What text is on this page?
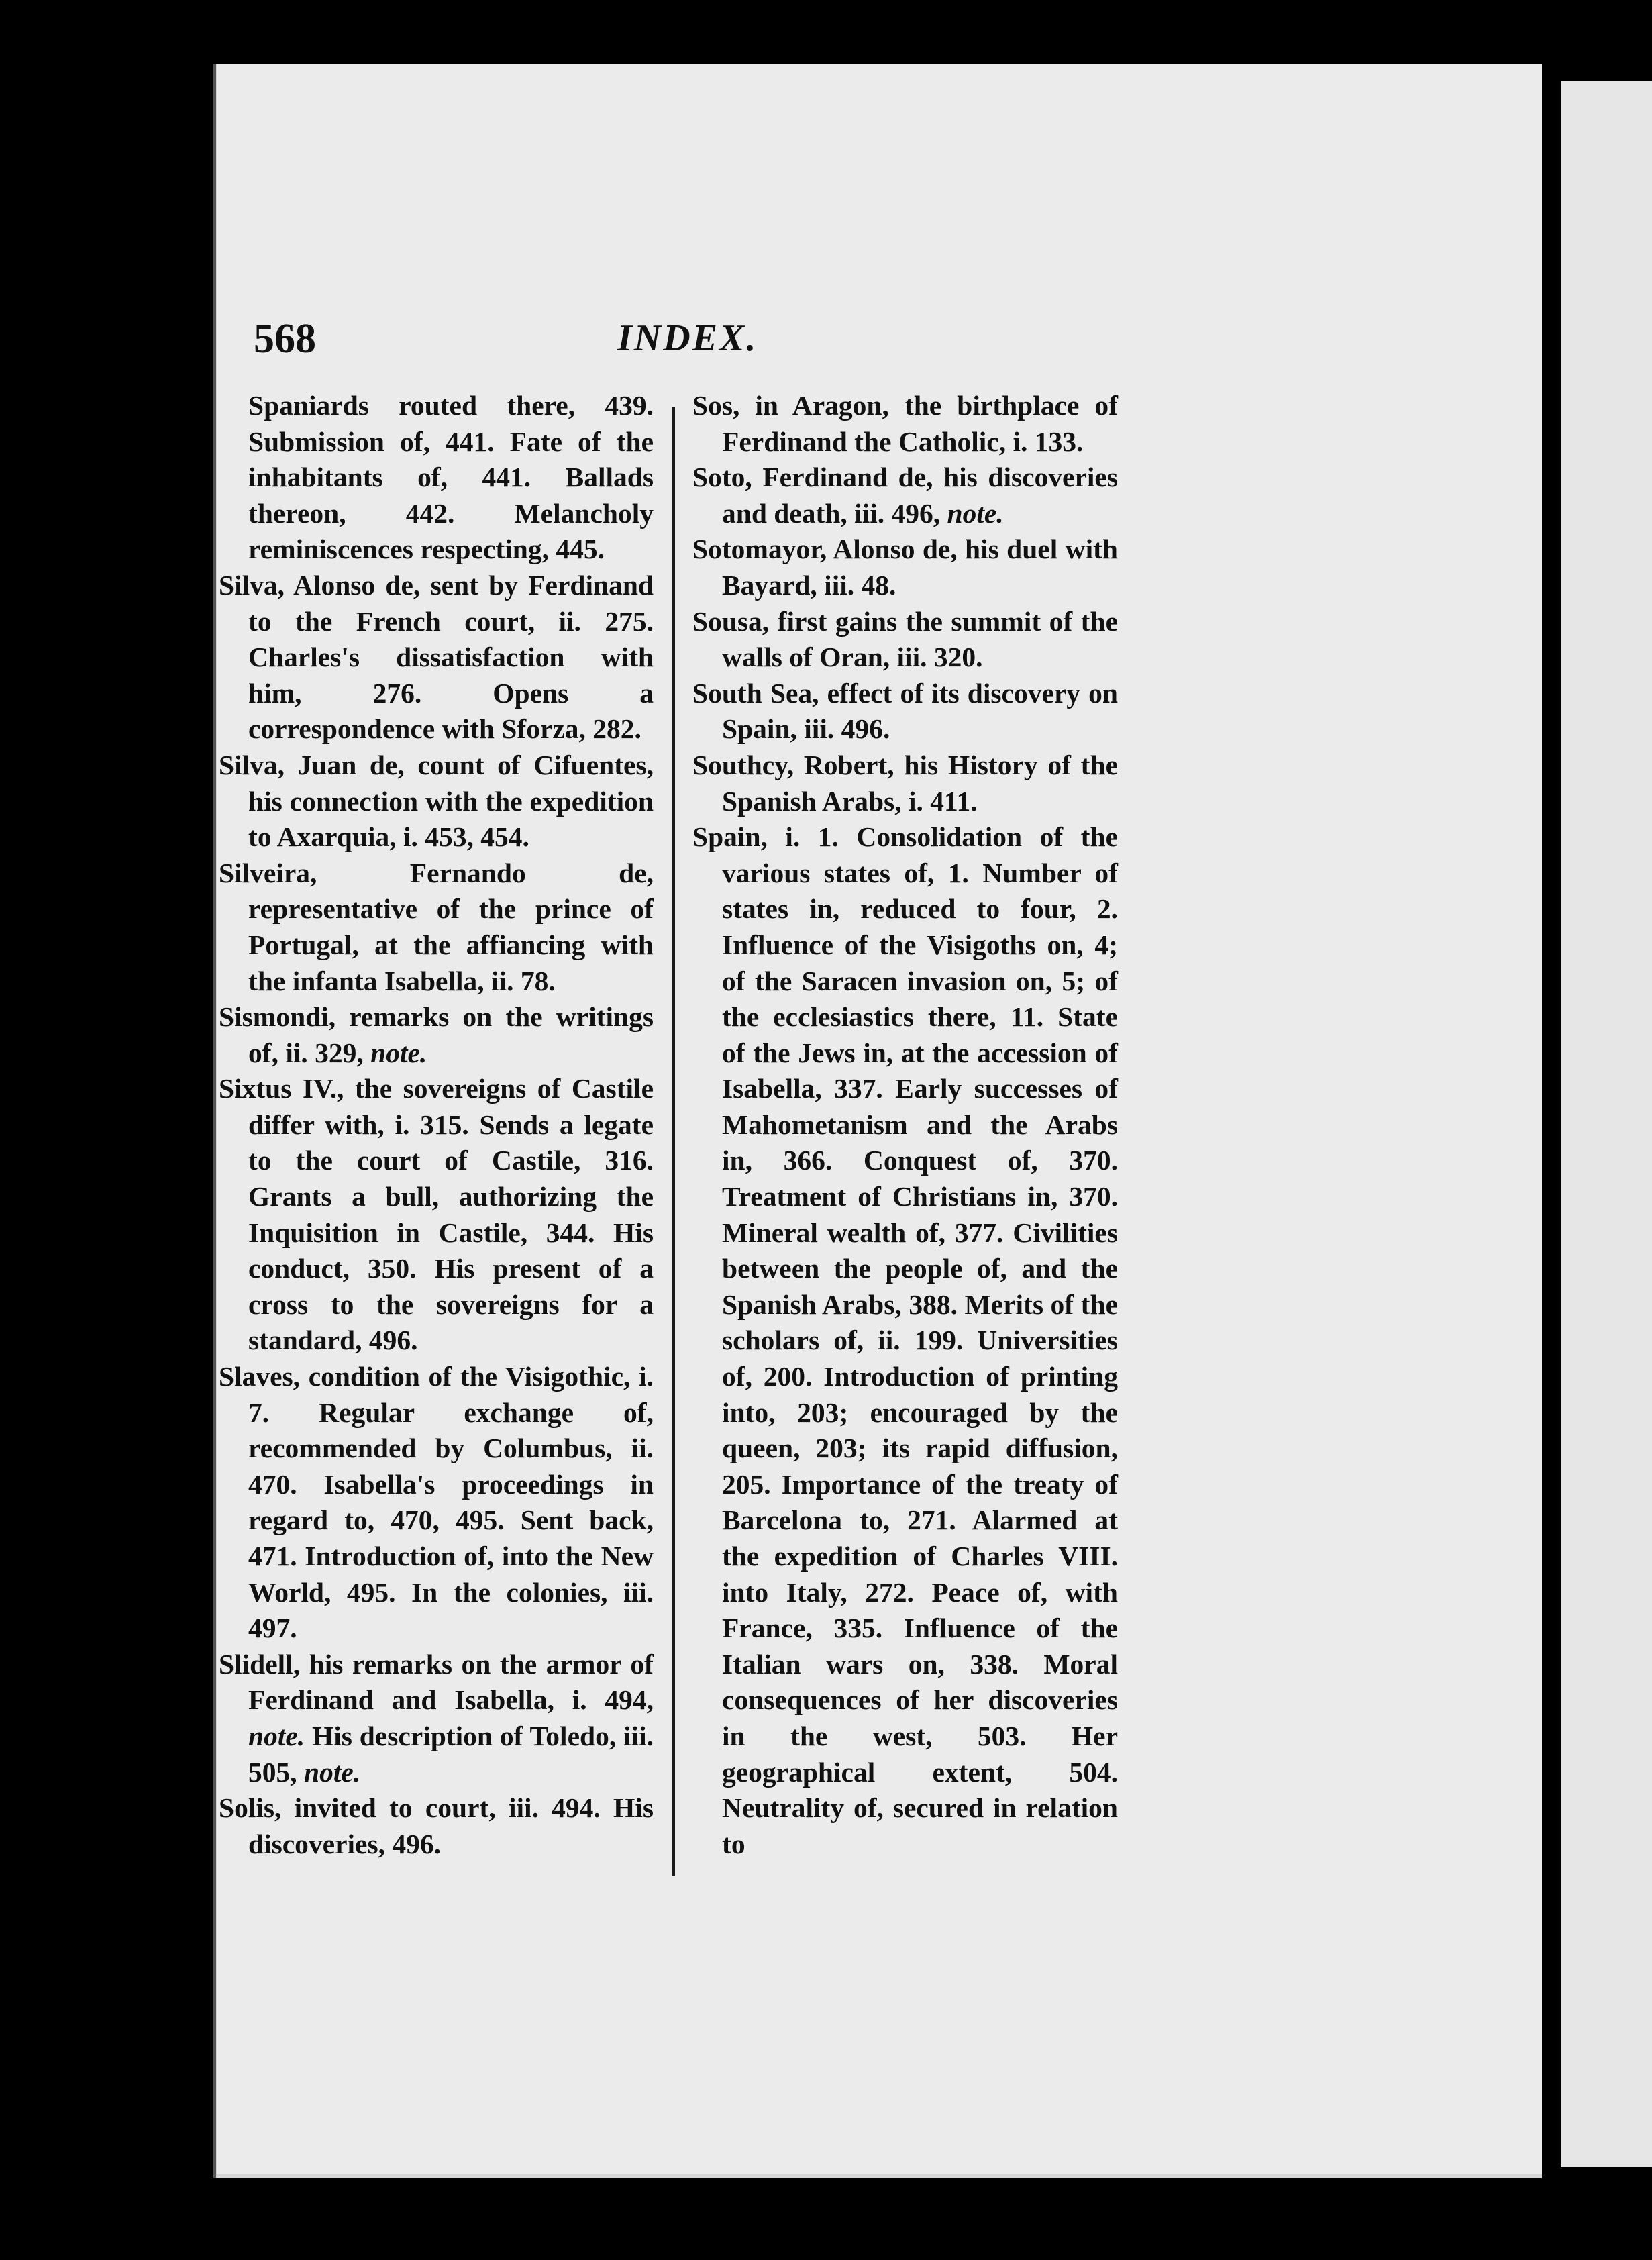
568	INDEX.

Spaniards routed there, 439. Submission of, 441. Fate of the inhabitants of, 441. Ballads thereon, 442. Melancholy reminiscences respecting, 445.

Silva, Alonso de, sent by Ferdinand to the French court, ii. 275. Charles's dissatisfaction with him, 276. Opens a correspondence with Sforza, 282.

Silva, Juan de, count of Cifuentes, his connection with the expedition to Axarquia, i. 453, 454.

Silveira, Fernando de, representative of the prince of Portugal, at the affiancing with the infanta Isabella, ii. 78.

Sismondi, remarks on the writings of, ii. 329, note.

Sixtus IV., the sovereigns of Castile differ with, i. 315. Sends a legate to the court of Castile, 316. Grants a bull, authorizing the Inquisition in Castile, 344. His conduct, 350. His present of a cross to the sovereigns for a standard, 496.

Slaves, condition of the Visigothic, i. 7. Regular exchange of, recommended by Columbus, ii. 470. Isabella's proceedings in regard to, 470, 495. Sent back, 471. Introduction of, into the New World, 495. In the colonies, iii. 497.

Slidell, his remarks on the armor of Ferdinand and Isabella, i. 494, note. His description of Toledo, iii. 505, note.

Solis, invited to court, iii. 494. His discoveries, 496.

Sos, in Aragon, the birthplace of Ferdinand the Catholic, i. 133.

Soto, Ferdinand de, his discoveries and death, iii. 496, note.

Sotomayor, Alonso de, his duel with Bayard, iii. 48.

Sousa, first gains the summit of the walls of Oran, iii. 320.

South Sea, effect of its discovery on Spain, iii. 496.

Southcy, Robert, his History of the Spanish Arabs, i. 411.

Spain, i. 1. Consolidation of the various states of, 1. Number of states in, reduced to four, 2. Influence of the Visigoths on, 4; of the Saracen invasion on, 5; of the ecclesiastics there, 11. State of the Jews in, at the accession of Isabella, 337. Early successes of Mahometanism and the Arabs in, 366. Conquest of, 370. Treatment of Christians in, 370. Mineral wealth of, 377. Civilities between the people of, and the Spanish Arabs, 388. Merits of the scholars of, ii. 199. Universities of, 200. Introduction of printing into, 203; encouraged by the queen, 203; its rapid diffusion, 205. Importance of the treaty of Barcelona to, 271. Alarmed at the expedition of Charles VIII. into Italy, 272. Peace of, with France, 335. Influence of the Italian wars on, 338. Moral consequences of her discoveries in the west, 503. Her geographical extent, 504. Neutrality of, secured in relation to
